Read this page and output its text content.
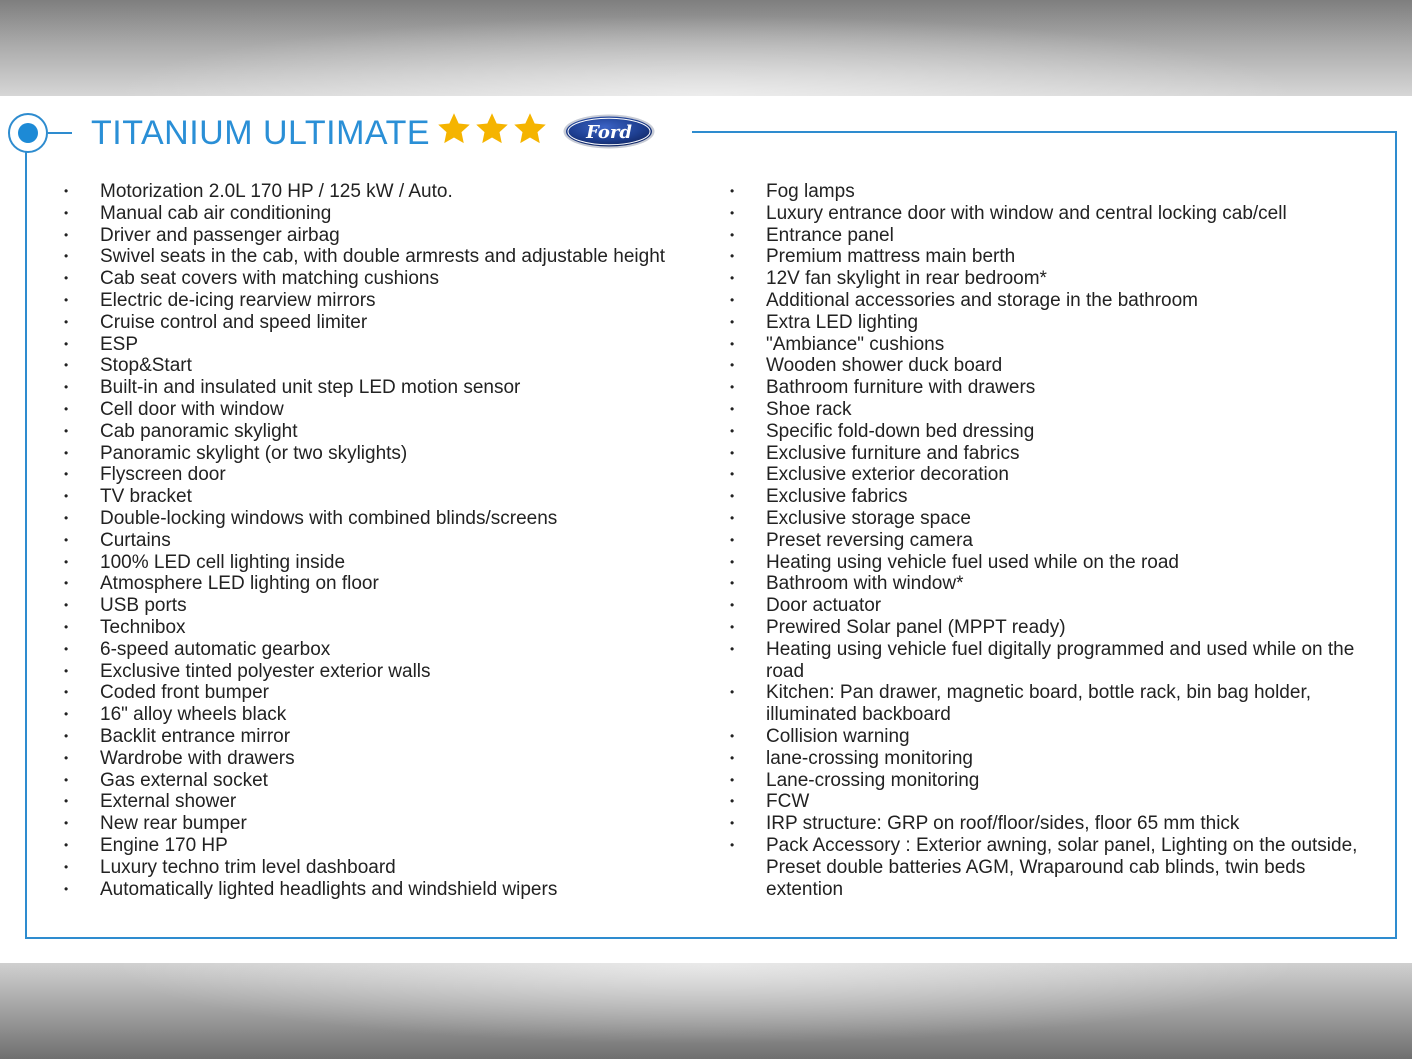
TITANIUM ULTIMATE	Ford
• Motorization 2.0L 170 HP / 125 kW / Auto.
• Manual cab air conditioning
• Driver and passenger airbag
• Swivel seats in the cab, with double armrests and adjustable height
• Cab seat covers with matching cushions
• Electric de-icing rearview mirrors
• Cruise control and speed limiter
• ESP
• Stop&Start
• Built-in and insulated unit step LED motion sensor
• Cell door with window
• Cab panoramic skylight
• Panoramic skylight (or two skylights)
• Flyscreen door
• TV bracket
• Double-locking windows with combined blinds/screens
• Curtains
• 100% LED cell lighting inside
• Atmosphere LED lighting on floor
• USB ports
• Technibox
• 6-speed automatic gearbox
• Exclusive tinted polyester exterior walls
• Coded front bumper
• 16" alloy wheels black
• Backlit entrance mirror
• Wardrobe with drawers
• Gas external socket
• External shower
• New rear bumper
• Engine 170 HP
• Luxury techno trim level dashboard
• Automatically lighted headlights and windshield wipers
• Fog lamps
• Luxury entrance door with window and central locking cab/cell
• Entrance panel
• Premium mattress main berth
• 12V fan skylight in rear bedroom*
• Additional accessories and storage in the bathroom
• Extra LED lighting
• "Ambiance" cushions
• Wooden shower duck board
• Bathroom furniture with drawers
• Shoe rack
• Specific fold-down bed dressing
• Exclusive furniture and fabrics
• Exclusive exterior decoration
• Exclusive fabrics
• Exclusive storage space
• Preset reversing camera
• Heating using vehicle fuel used while on the road
• Bathroom with window*
• Door actuator
• Prewired Solar panel (MPPT ready)
• Heating using vehicle fuel digitally programmed and used while on the road
• Kitchen: Pan drawer, magnetic board, bottle rack, bin bag holder, illuminated backboard
• Collision warning
• lane-crossing monitoring
• Lane-crossing monitoring
• FCW
• IRP structure: GRP on roof/floor/sides, floor 65 mm thick
• Pack Accessory : Exterior awning, solar panel, Lighting on the outside, Preset double batteries AGM, Wraparound cab blinds, twin beds extention
